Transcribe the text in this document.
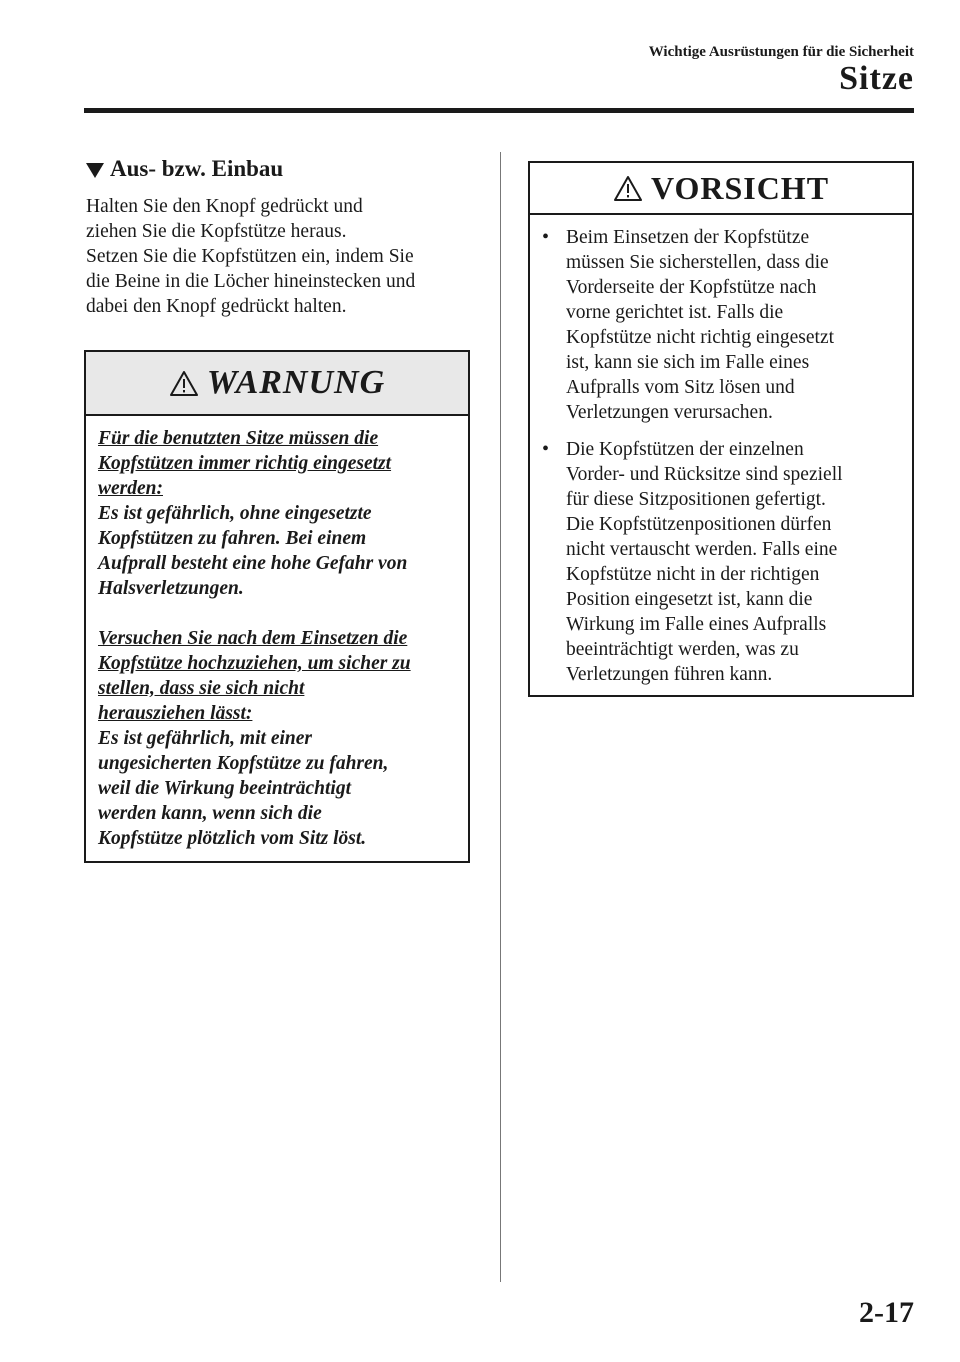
Wichtige Ausrüstungen für die Sicherheit
Sitze
Aus- bzw. Einbau
Halten Sie den Knopf gedrückt und
ziehen Sie die Kopfstütze heraus.
Setzen Sie die Kopfstützen ein, indem Sie
die Beine in die Löcher hineinstecken und
dabei den Knopf gedrückt halten.
WARNUNG
Für die benutzten Sitze müssen die
Kopfstützen immer richtig eingesetzt
werden:
Es ist gefährlich, ohne eingesetzte
Kopfstützen zu fahren. Bei einem
Aufprall besteht eine hohe Gefahr von
Halsverletzungen.
Versuchen Sie nach dem Einsetzen die
Kopfstütze hochzuziehen, um sicher zu
stellen, dass sie sich nicht
herausziehen lässt:
Es ist gefährlich, mit einer
ungesicherten Kopfstütze zu fahren,
weil die Wirkung beeinträchtigt
werden kann, wenn sich die
Kopfstütze plötzlich vom Sitz löst.
VORSICHT
• Beim Einsetzen der Kopfstütze
müssen Sie sicherstellen, dass die
Vorderseite der Kopfstütze nach
vorne gerichtet ist. Falls die
Kopfstütze nicht richtig eingesetzt
ist, kann sie sich im Falle eines
Aufpralls vom Sitz lösen und
Verletzungen verursachen.
• Die Kopfstützen der einzelnen
Vorder- und Rücksitze sind speziell
für diese Sitzpositionen gefertigt.
Die Kopfstützenpositionen dürfen
nicht vertauscht werden. Falls eine
Kopfstütze nicht in der richtigen
Position eingesetzt ist, kann die
Wirkung im Falle eines Aufpralls
beeinträchtigt werden, was zu
Verletzungen führen kann.
2-17
